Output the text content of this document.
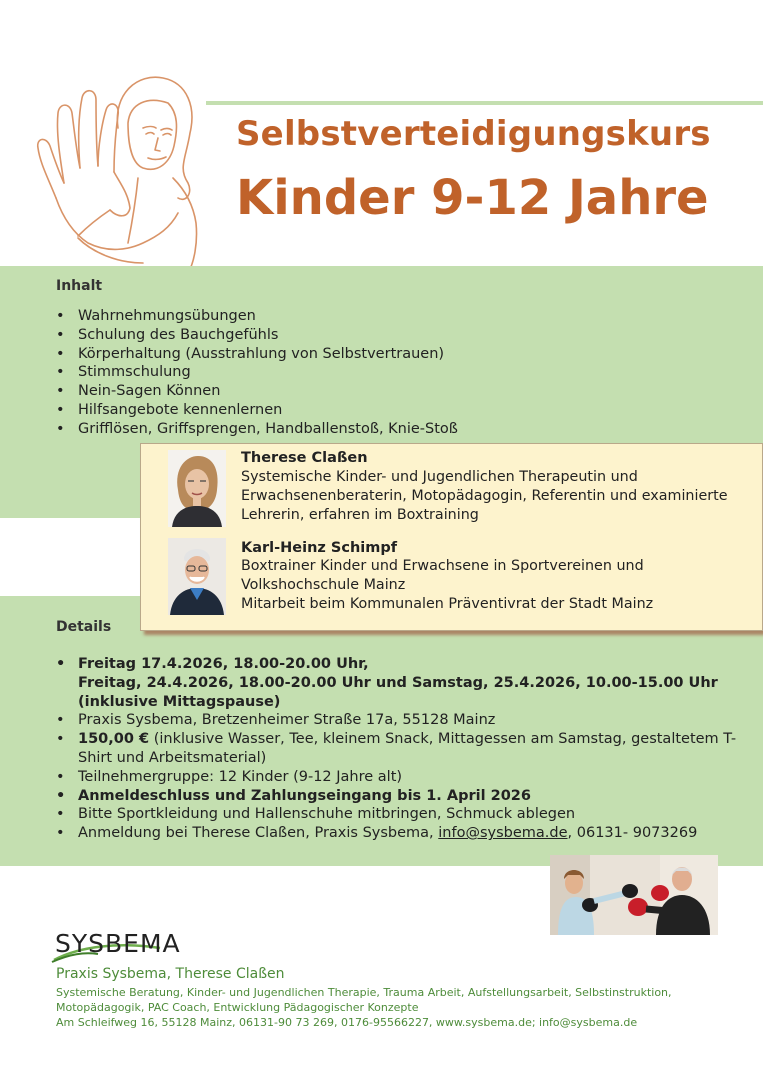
Selbstverteidigungskurs
Kinder 9-12 Jahre
Inhalt
• Wahrnehmungsübungen
• Schulung des Bauchgefühls
• Körperhaltung (Ausstrahlung von Selbstvertrauen)
• Stimmschulung
• Nein-Sagen Können
• Hilfsangebote kennenlernen
• Grifflösen, Griffsprengen, Handballenstoß, Knie-Stoß
Therese Claßen
Systemische Kinder- und Jugendlichen Therapeutin und Erwachsenenberaterin, Motopädagogin, Referentin und examinierte Lehrerin, erfahren im Boxtraining
Karl-Heinz Schimpf
Boxtrainer Kinder und Erwachsene in Sportvereinen und Volkshochschule Mainz
Mitarbeit beim Kommunalen Präventivrat der Stadt Mainz
Details
• Freitag 17.4.2026, 18.00-20.00 Uhr,
Freitag, 24.4.2026, 18.00-20.00 Uhr und Samstag, 25.4.2026, 10.00-15.00 Uhr (inklusive Mittagspause)
• Praxis Sysbema, Bretzenheimer Straße 17a, 55128 Mainz
• 150,00 € (inklusive Wasser, Tee, kleinem Snack, Mittagessen am Samstag, gestaltetem T-Shirt und Arbeitsmaterial)
• Teilnehmergruppe: 12 Kinder (9-12 Jahre alt)
• Anmeldeschluss und Zahlungseingang bis 1. April 2026
• Bitte Sportkleidung und Hallenschuhe mitbringen, Schmuck ablegen
• Anmeldung bei Therese Claßen, Praxis Sysbema, info@sysbema.de, 06131- 9073269
SYSBEMA
Praxis Sysbema, Therese Claßen
Systemische Beratung, Kinder- und Jugendlichen Therapie, Trauma Arbeit, Aufstellungsarbeit, Selbstinstruktion,
Motopädagogik, PAC Coach, Entwicklung Pädagogischer Konzepte
Am Schleifweg 16, 55128 Mainz, 06131-90 73 269, 0176-95566227, www.sysbema.de; info@sysbema.de
